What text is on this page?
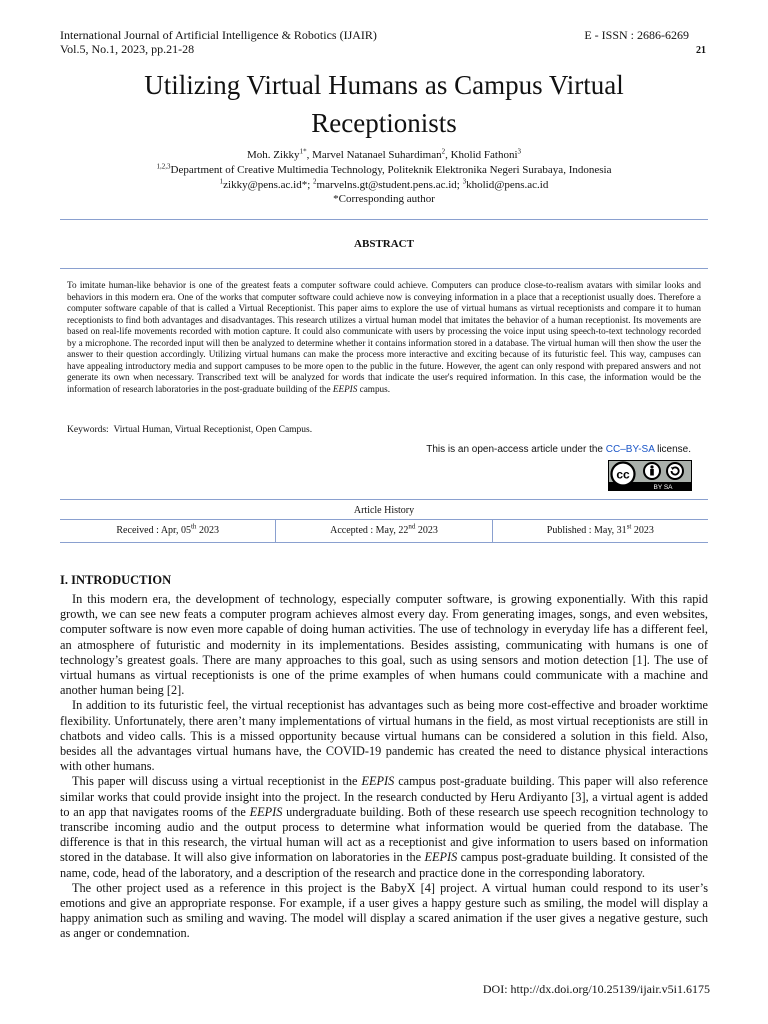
International Journal of Artificial Intelligence & Robotics (IJAIR)
Vol.5, No.1, 2023, pp.21-28
E - ISSN : 2686-6269
21
Utilizing Virtual Humans as Campus Virtual
Receptionists
Moh. Zikky$^{1*}$, Marvel Natanael Suhardiman$^2$, Kholid Fathoni$^3$
$^{1,2,3}$Department of Creative Multimedia Technology, Politeknik Elektronika Negeri Surabaya, Indonesia
$^1$zikky@pens.ac.id*; $^2$marvelns.gt@student.pens.ac.id; $^3$kholid@pens.ac.id
*Corresponding author
ABSTRACT
To imitate human-like behavior is one of the greatest feats a computer software could achieve. Computers can produce close-to-realism avatars with similar looks and behaviors in this modern era. One of the works that computer software could achieve now is conveying information in a place that a receptionist usually does. Therefore a computer software capable of that is called a Virtual Receptionist. This paper aims to explore the use of virtual humans as virtual receptionists and compare it to human receptionists to find both advantages and disadvantages. This research utilizes a virtual human model that imitates the behavior of a human receptionist. Its movements are based on real-life movements recorded with motion capture. It could also communicate with users by processing the voice input using speech-to-text technology recorded by a microphone. The recorded input will then be analyzed to determine whether it contains information stored in a database. The virtual human will then show the user the answer to their question accordingly. Utilizing virtual humans can make the process more interactive and exciting because of its futuristic feel. This way, campuses can have appealing introductory media and support campuses to be more open to the public in the future. However, the agent can only respond with prepared answers and not generate its own when necessary. Transcribed text will be analyzed for words that indicate the user's required information. In this case, the information would be the information of research laboratories in the post-graduate building of the EEPIS campus.
Keywords: Virtual Human, Virtual Receptionist, Open Campus.
This is an open-access article under the CC–BY-SA license.
cc
BY SA
Article History
Received : Apr, 05th 2023	Accepted : May, 22nd 2023	Published : May, 31st 2023
I. INTRODUCTION

In this modern era, the development of technology, especially computer software, is growing exponentially. With this rapid growth, we can see new feats a computer program achieves almost every day. From generating images, songs, and even websites, computer software is now even more capable of doing human activities. The use of technology in everyday life has a different feel, an atmosphere of futuristic and modernity in its implementations. Besides assisting, communicating with humans is one of technology’s greatest goals. There are many approaches to this goal, such as using sensors and motion detection [1]. The use of virtual humans as virtual receptionists is one of the prime examples of when humans could communicate with a machine and another human being [2].

In addition to its futuristic feel, the virtual receptionist has advantages such as being more cost-effective and broader worktime flexibility. Unfortunately, there aren’t many implementations of virtual humans in the field, as most virtual receptionists are still in chatbots and video calls. This is a missed opportunity because virtual humans can be considered a solution in this field. Also, besides all the advantages virtual humans have, the COVID-19 pandemic has created the need to distance physical interactions with other humans.

This paper will discuss using a virtual receptionist in the EEPIS campus post-graduate building. This paper will also reference similar works that could provide insight into the project. In the research conducted by Heru Ardiyanto [3], a virtual agent is added to an app that navigates rooms of the EEPIS undergraduate building. Both of these research use speech recognition technology to transcribe incoming audio and the output process to determine what information would be queried from the database. The difference is that in this research, the virtual human will act as a receptionist and give information to users based on information stored in the database. It will also give information on laboratories in the EEPIS campus post-graduate building. It consisted of the name, code, head of the laboratory, and a description of the research and practice done in the corresponding laboratory.

The other project used as a reference in this project is the BabyX [4] project. A virtual human could respond to its user’s emotions and give an appropriate response. For example, if a user gives a happy gesture such as smiling, the model will display a happy animation such as smiling and waving. The model will display a scared animation if the user gives a negative gesture, such as anger or condemnation.

DOI: http://dx.doi.org/10.25139/ijair.v5i1.6175
